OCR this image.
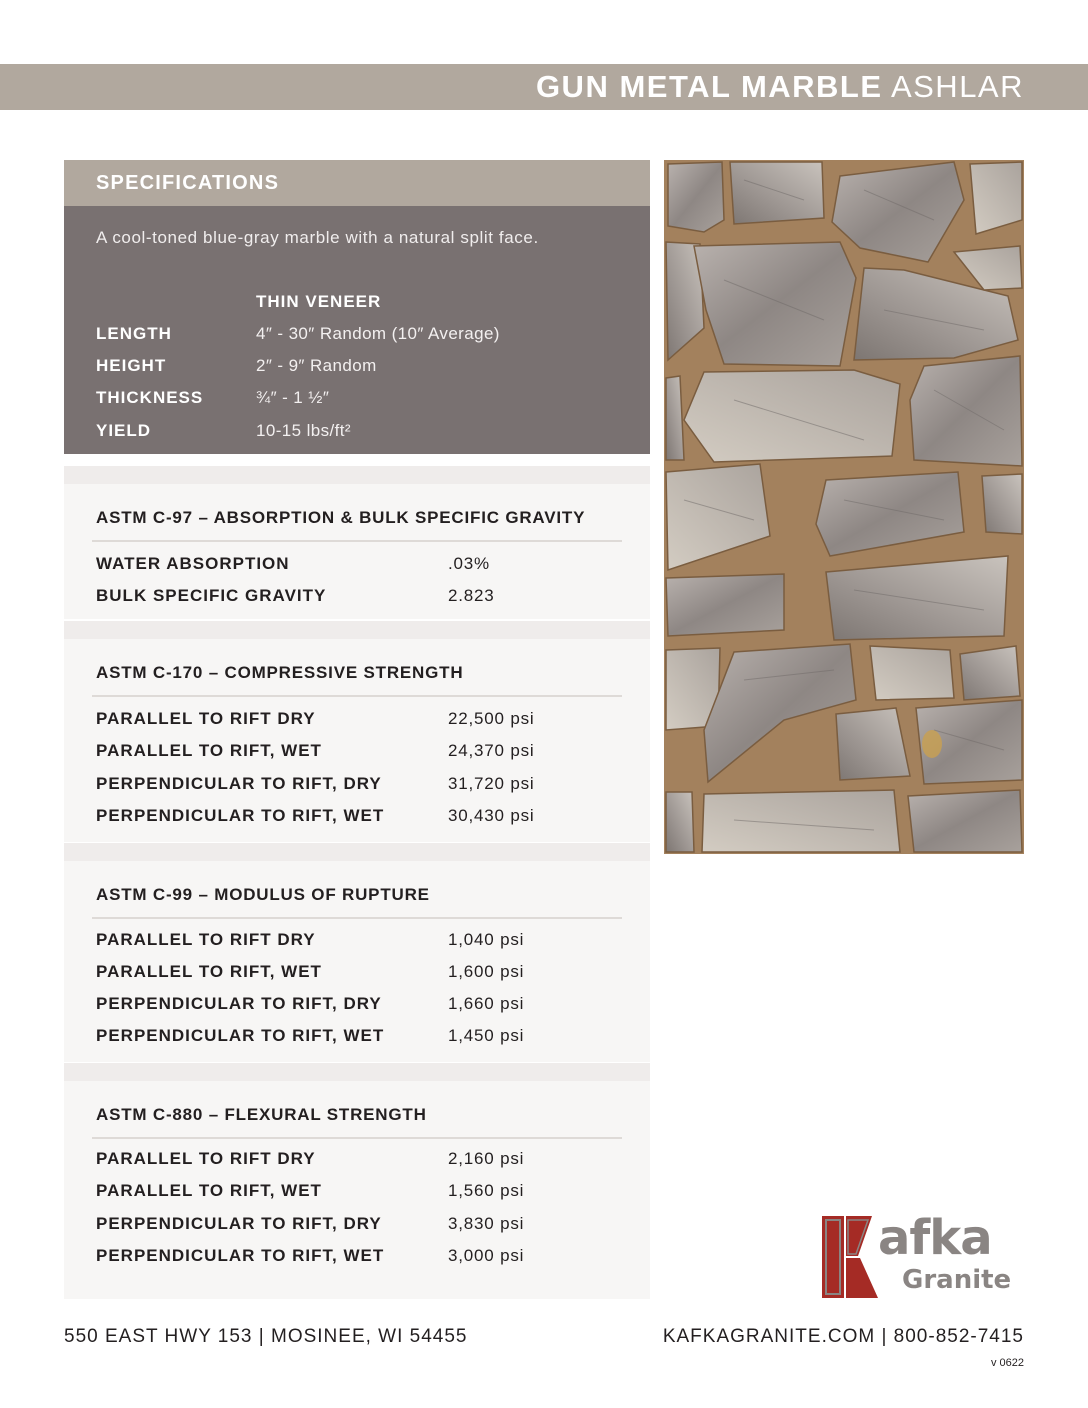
GUN METAL MARBLE ASHLAR
SPECIFICATIONS
A cool-toned blue-gray marble with a natural split face.
THIN VENEER
LENGTH	4″ - 30″ Random (10″ Average)
HEIGHT	2″ - 9″ Random
THICKNESS	¾″ - 1 ½″
YIELD	10-15 lbs/ft²
ASTM C-97 – ABSORPTION & BULK SPECIFIC GRAVITY
WATER ABSORPTION	.03%
BULK SPECIFIC GRAVITY	2.823
ASTM C-170 – COMPRESSIVE STRENGTH
PARALLEL TO RIFT DRY	22,500 psi
PARALLEL TO RIFT, WET	24,370 psi
PERPENDICULAR TO RIFT, DRY	31,720 psi
PERPENDICULAR TO RIFT, WET	30,430 psi
ASTM C-99 – MODULUS OF RUPTURE
PARALLEL TO RIFT DRY	1,040 psi
PARALLEL TO RIFT, WET	1,600 psi
PERPENDICULAR TO RIFT, DRY	1,660 psi
PERPENDICULAR TO RIFT, WET	1,450 psi
ASTM C-880 – FLEXURAL STRENGTH
PARALLEL TO RIFT DRY	2,160 psi
PARALLEL TO RIFT, WET	1,560 psi
PERPENDICULAR TO RIFT, DRY	3,830 psi
PERPENDICULAR TO RIFT, WET	3,000 psi	afka
Granite
550 EAST HWY 153 | MOSINEE, WI 54455	KAFKAGRANITE.COM | 800-852-7415
v 0622
